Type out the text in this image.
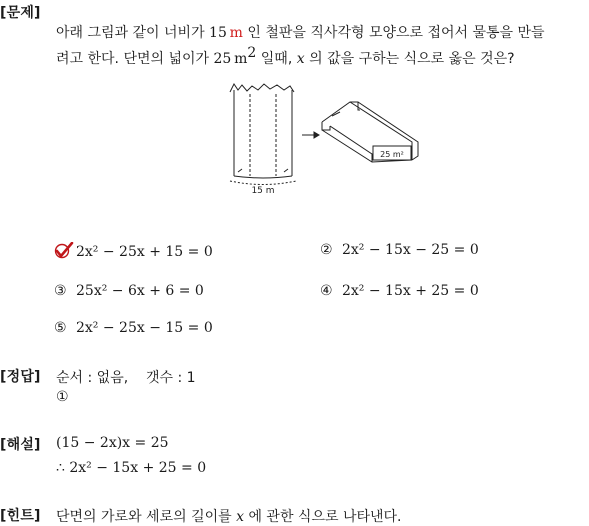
[문제]
아래 그림과 같이 너비가 15  m 인 철판을 직사각형 모양으로 접어서 물통을 만들
려고 한다. 단면의 넓이가 25  $m^2$ 일때, x 의 값을 구하는 식으로 옳은 것은?
15 m
25 m²
2x² − 25x + 15 = 0	② 2x² − 15x − 25 = 0
③ 25x² − 6x + 6 = 0	④ 2x² − 15x + 25 = 0
⑤ 2x² − 25x − 15 = 0
[정답] 순서 : 없음,    갯수 : 1
①
[해설] (15 − 2x)x = 25
∴ 2x² − 15x + 25 = 0
[힌트] 단면의 가로와 세로의 길이를 x 에 관한 식으로 나타낸다.
